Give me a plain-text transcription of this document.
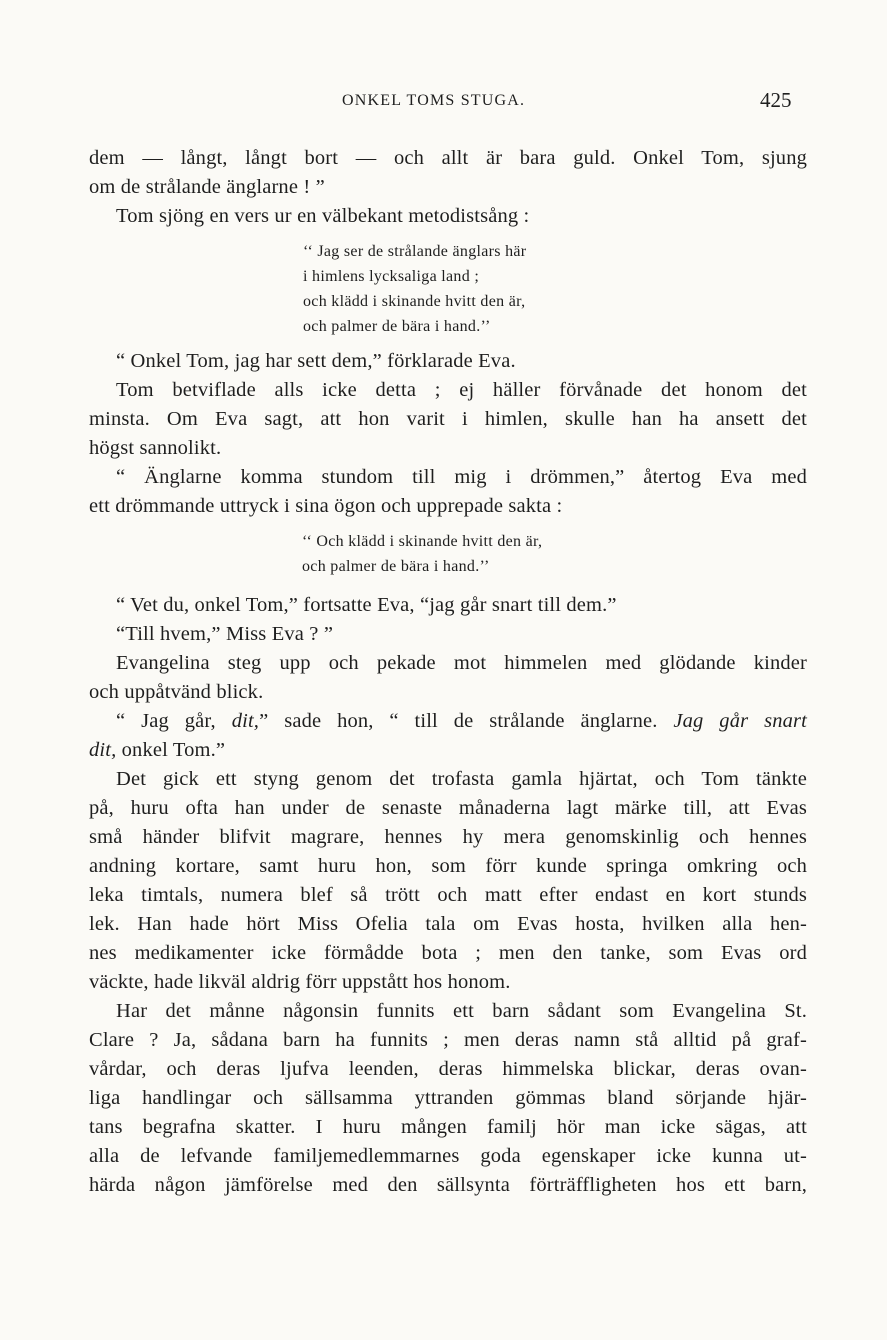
ONKEL TOMS STUGA.	425

dem — långt, långt bort — och allt är bara guld. Onkel Tom, sjung

om de strålande änglarne ! ”

Tom sjöng en vers ur en välbekant metodistsång :

‘‘ Jag ser de strålande änglars här
i himlens lycksaliga land ;
och klädd i skinande hvitt den är,
och palmer de bära i hand.’’

“ Onkel Tom, jag har sett dem,” förklarade Eva.

Tom betviflade alls icke detta ; ej häller förvånade det honom det

minsta. Om Eva sagt, att hon varit i himlen, skulle han ha ansett det

högst sannolikt.

“ Änglarne komma stundom till mig i drömmen,” återtog Eva med

ett drömmande uttryck i sina ögon och upprepade sakta :

‘‘ Och klädd i skinande hvitt den är,
och palmer de bära i hand.’’

“ Vet du, onkel Tom,” fortsatte Eva, “jag går snart till dem.”

“Till hvem,” Miss Eva ? ”

Evangelina steg upp och pekade mot himmelen med glödande kinder

och uppåtvänd blick.

“ Jag går, dit,” sade hon, “ till de strålande änglarne. Jag går snart

dit, onkel Tom.”

Det gick ett styng genom det trofasta gamla hjärtat, och Tom tänkte

på, huru ofta han under de senaste månaderna lagt märke till, att Evas

små händer blifvit magrare, hennes hy mera genomskinlig och hennes

andning kortare, samt huru hon, som förr kunde springa omkring och

leka timtals, numera blef så trött och matt efter endast en kort stunds

lek. Han hade hört Miss Ofelia tala om Evas hosta, hvilken alla hen-

nes medikamenter icke förmådde bota ; men den tanke, som Evas ord

väckte, hade likväl aldrig förr uppstått hos honom.

Har det månne någonsin funnits ett barn sådant som Evangelina St.

Clare ? Ja, sådana barn ha funnits ; men deras namn stå alltid på graf-

vårdar, och deras ljufva leenden, deras himmelska blickar, deras ovan-

liga handlingar och sällsamma yttranden gömmas bland sörjande hjär-

tans begrafna skatter. I huru mången familj hör man icke sägas, att

alla de lefvande familjemedlemmarnes goda egenskaper icke kunna ut-

härda någon jämförelse med den sällsynta förträffligheten hos ett barn,
